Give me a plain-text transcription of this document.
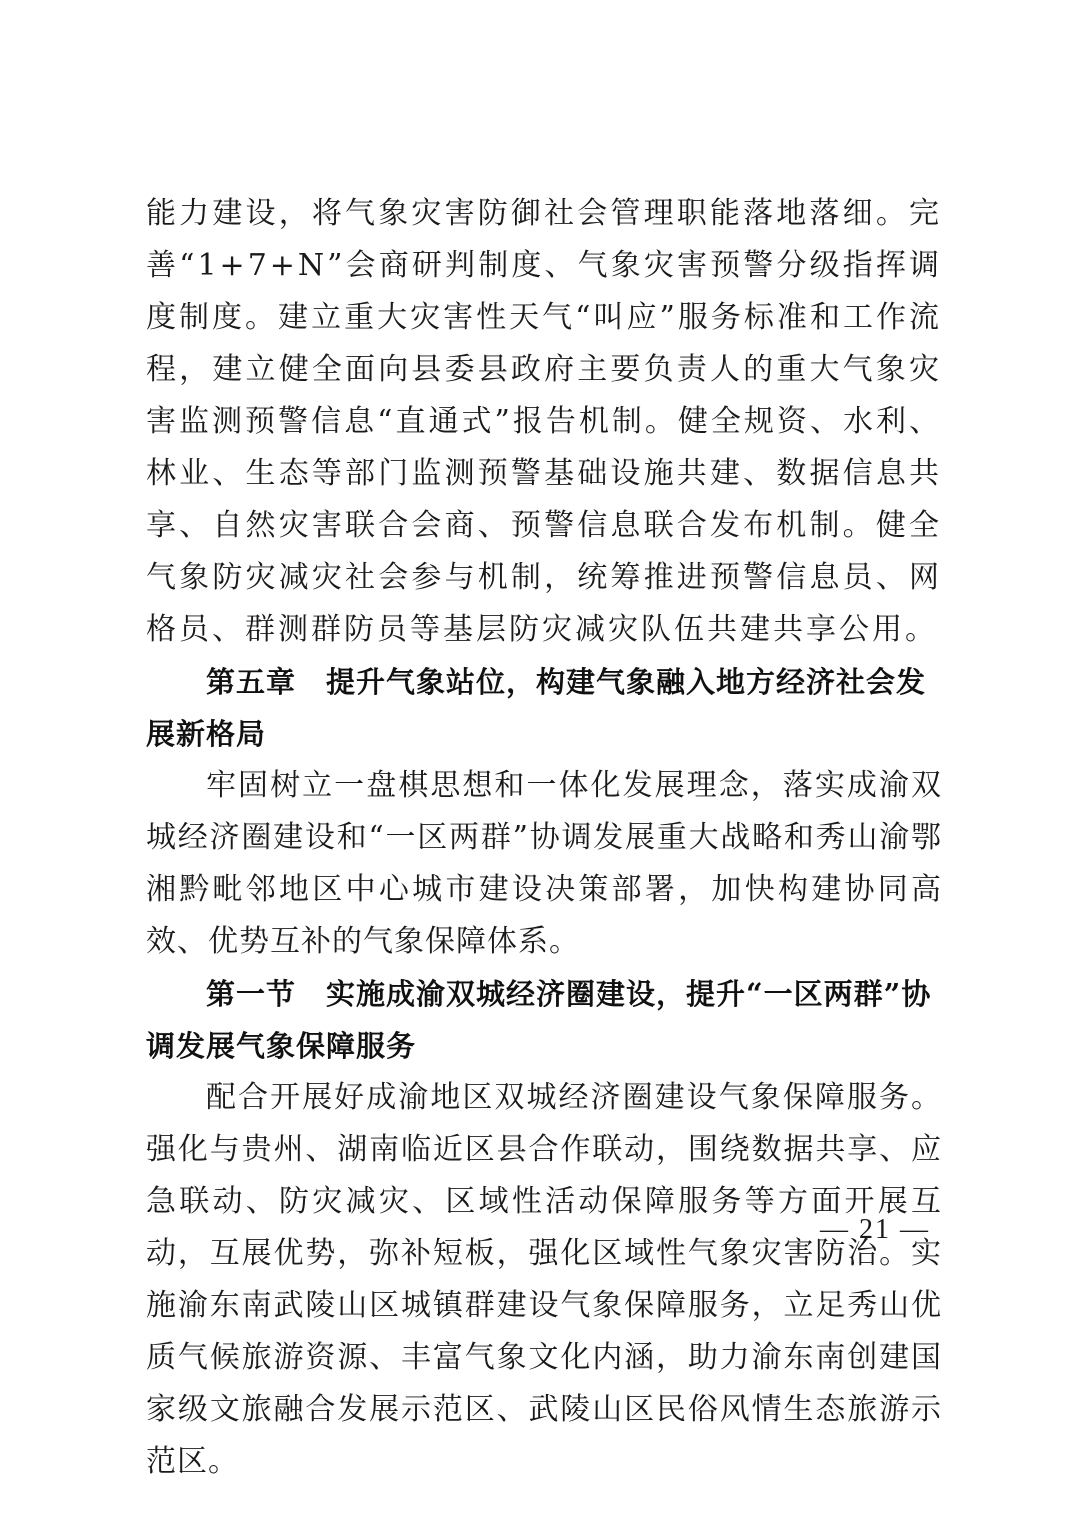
能力建设，将气象灾害防御社会管理职能落地落细。完善“1+7+N”会商研判制度、气象灾害预警分级指挥调度制度。建立重大灾害性天气“叫应”服务标准和工作流程，建立健全面向县委县政府主要负责人的重大气象灾害监测预警信息“直通式”报告机制。健全规资、水利、林业、生态等部门监测预警基础设施共建、数据信息共享、自然灾害联合会商、预警信息联合发布机制。健全气象防灾减灾社会参与机制，统筹推进预警信息员、网格员、群测群防员等基层防灾减灾队伍共建共享公用。

第五章　提升气象站位，构建气象融入地方经济社会发展新格局

牢固树立一盘棋思想和一体化发展理念，落实成渝双城经济圈建设和“一区两群”协调发展重大战略和秀山渝鄂湘黔毗邻地区中心城市建设决策部署，加快构建协同高效、优势互补的气象保障体系。

第一节　实施成渝双城经济圈建设，提升“一区两群”协调发展气象保障服务

配合开展好成渝地区双城经济圈建设气象保障服务。强化与贵州、湖南临近区县合作联动，围绕数据共享、应急联动、防灾减灾、区域性活动保障服务等方面开展互动，互展优势，弥补短板，强化区域性气象灾害防治。实施渝东南武陵山区城镇群建设气象保障服务，立足秀山优质气候旅游资源、丰富气象文化内涵，助力渝东南创建国家级文旅融合发展示范区、武陵山区民俗风情生态旅游示范区。

— 21 —
